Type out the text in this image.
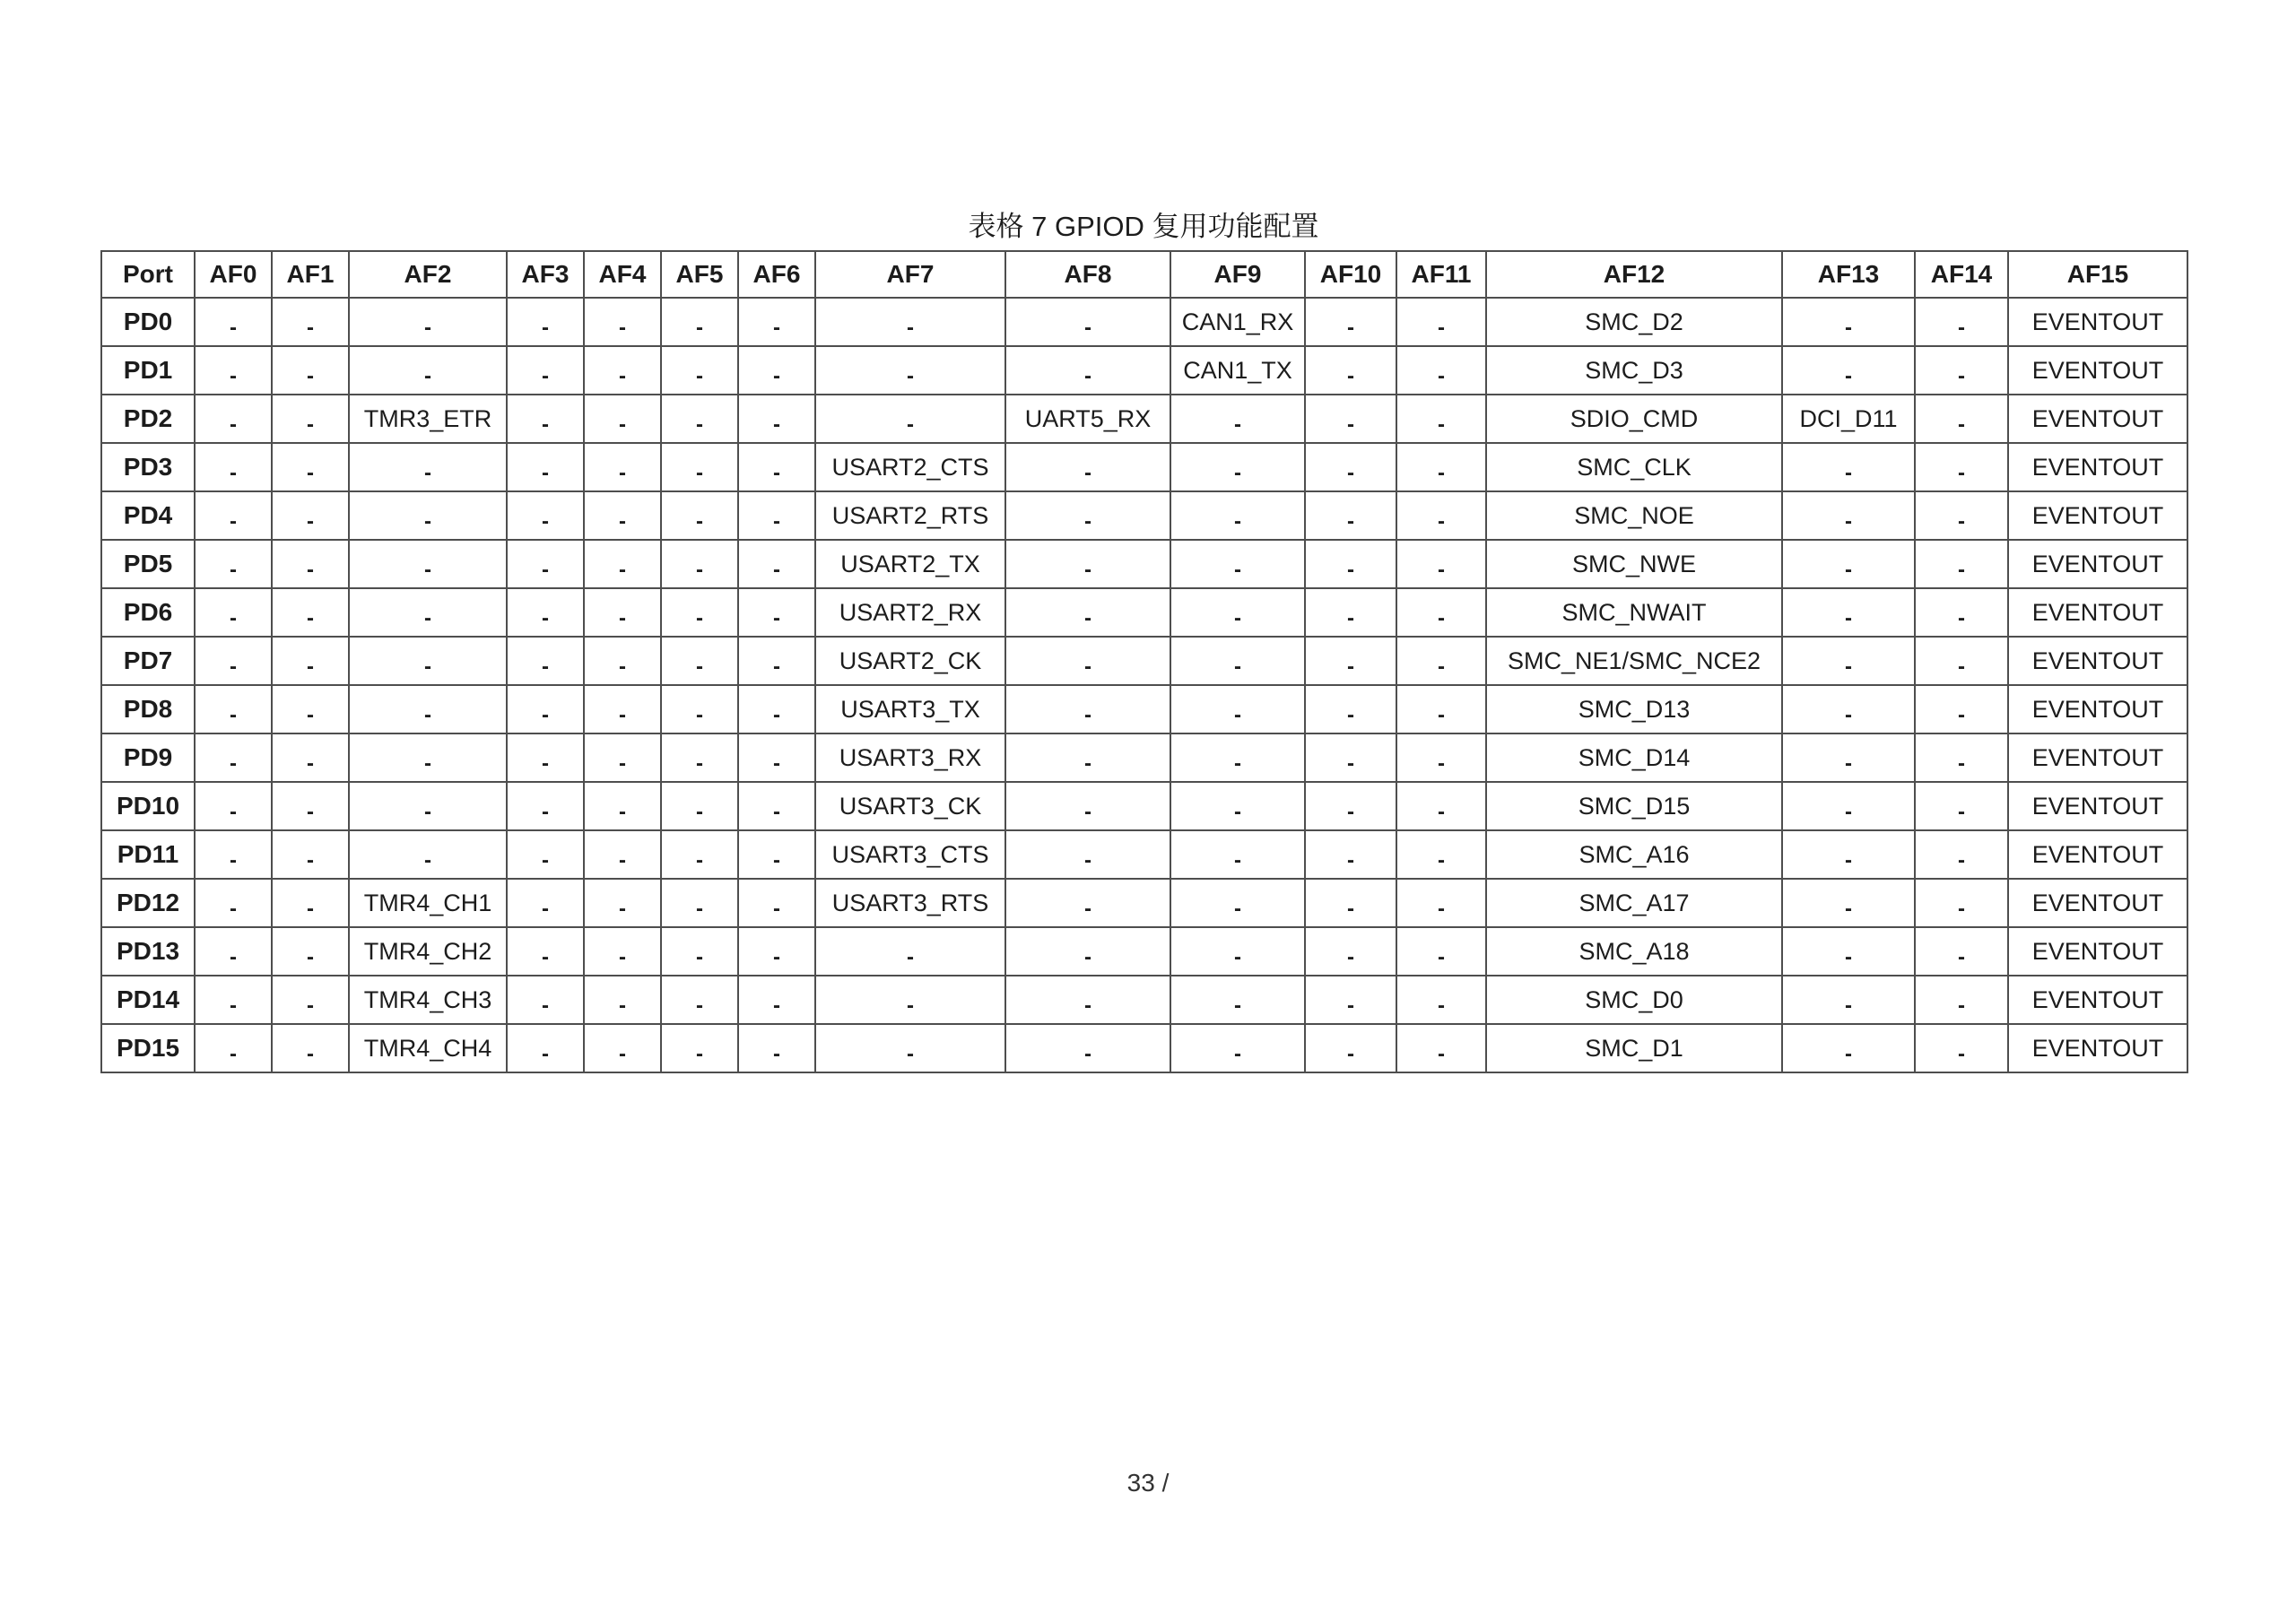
表格 7 GPIOD 复用功能配置
Port	AF0	AF1	AF2	AF3	AF4	AF5	AF6	AF7	AF8	AF9	AF10	AF11	AF12	AF13	AF14	AF15
PD0	-	-	-	-	-	-	-	-	-	CAN1_RX	-	-	SMC_D2	-	-	EVENTOUT
PD1	-	-	-	-	-	-	-	-	-	CAN1_TX	-	-	SMC_D3	-	-	EVENTOUT
PD2	-	-	TMR3_ETR	-	-	-	-	-	UART5_RX	-	-	-	SDIO_CMD	DCI_D11	-	EVENTOUT
PD3	-	-	-	-	-	-	-	USART2_CTS	-	-	-	-	SMC_CLK	-	-	EVENTOUT
PD4	-	-	-	-	-	-	-	USART2_RTS	-	-	-	-	SMC_NOE	-	-	EVENTOUT
PD5	-	-	-	-	-	-	-	USART2_TX	-	-	-	-	SMC_NWE	-	-	EVENTOUT
PD6	-	-	-	-	-	-	-	USART2_RX	-	-	-	-	SMC_NWAIT	-	-	EVENTOUT
PD7	-	-	-	-	-	-	-	USART2_CK	-	-	-	-	SMC_NE1/SMC_NCE2	-	-	EVENTOUT
PD8	-	-	-	-	-	-	-	USART3_TX	-	-	-	-	SMC_D13	-	-	EVENTOUT
PD9	-	-	-	-	-	-	-	USART3_RX	-	-	-	-	SMC_D14	-	-	EVENTOUT
PD10	-	-	-	-	-	-	-	USART3_CK	-	-	-	-	SMC_D15	-	-	EVENTOUT
PD11	-	-	-	-	-	-	-	USART3_CTS	-	-	-	-	SMC_A16	-	-	EVENTOUT
PD12	-	-	TMR4_CH1	-	-	-	-	USART3_RTS	-	-	-	-	SMC_A17	-	-	EVENTOUT
PD13	-	-	TMR4_CH2	-	-	-	-	-	-	-	-	-	SMC_A18	-	-	EVENTOUT
PD14	-	-	TMR4_CH3	-	-	-	-	-	-	-	-	-	SMC_D0	-	-	EVENTOUT
PD15	-	-	TMR4_CH4	-	-	-	-	-	-	-	-	-	SMC_D1	-	-	EVENTOUT
33 /
